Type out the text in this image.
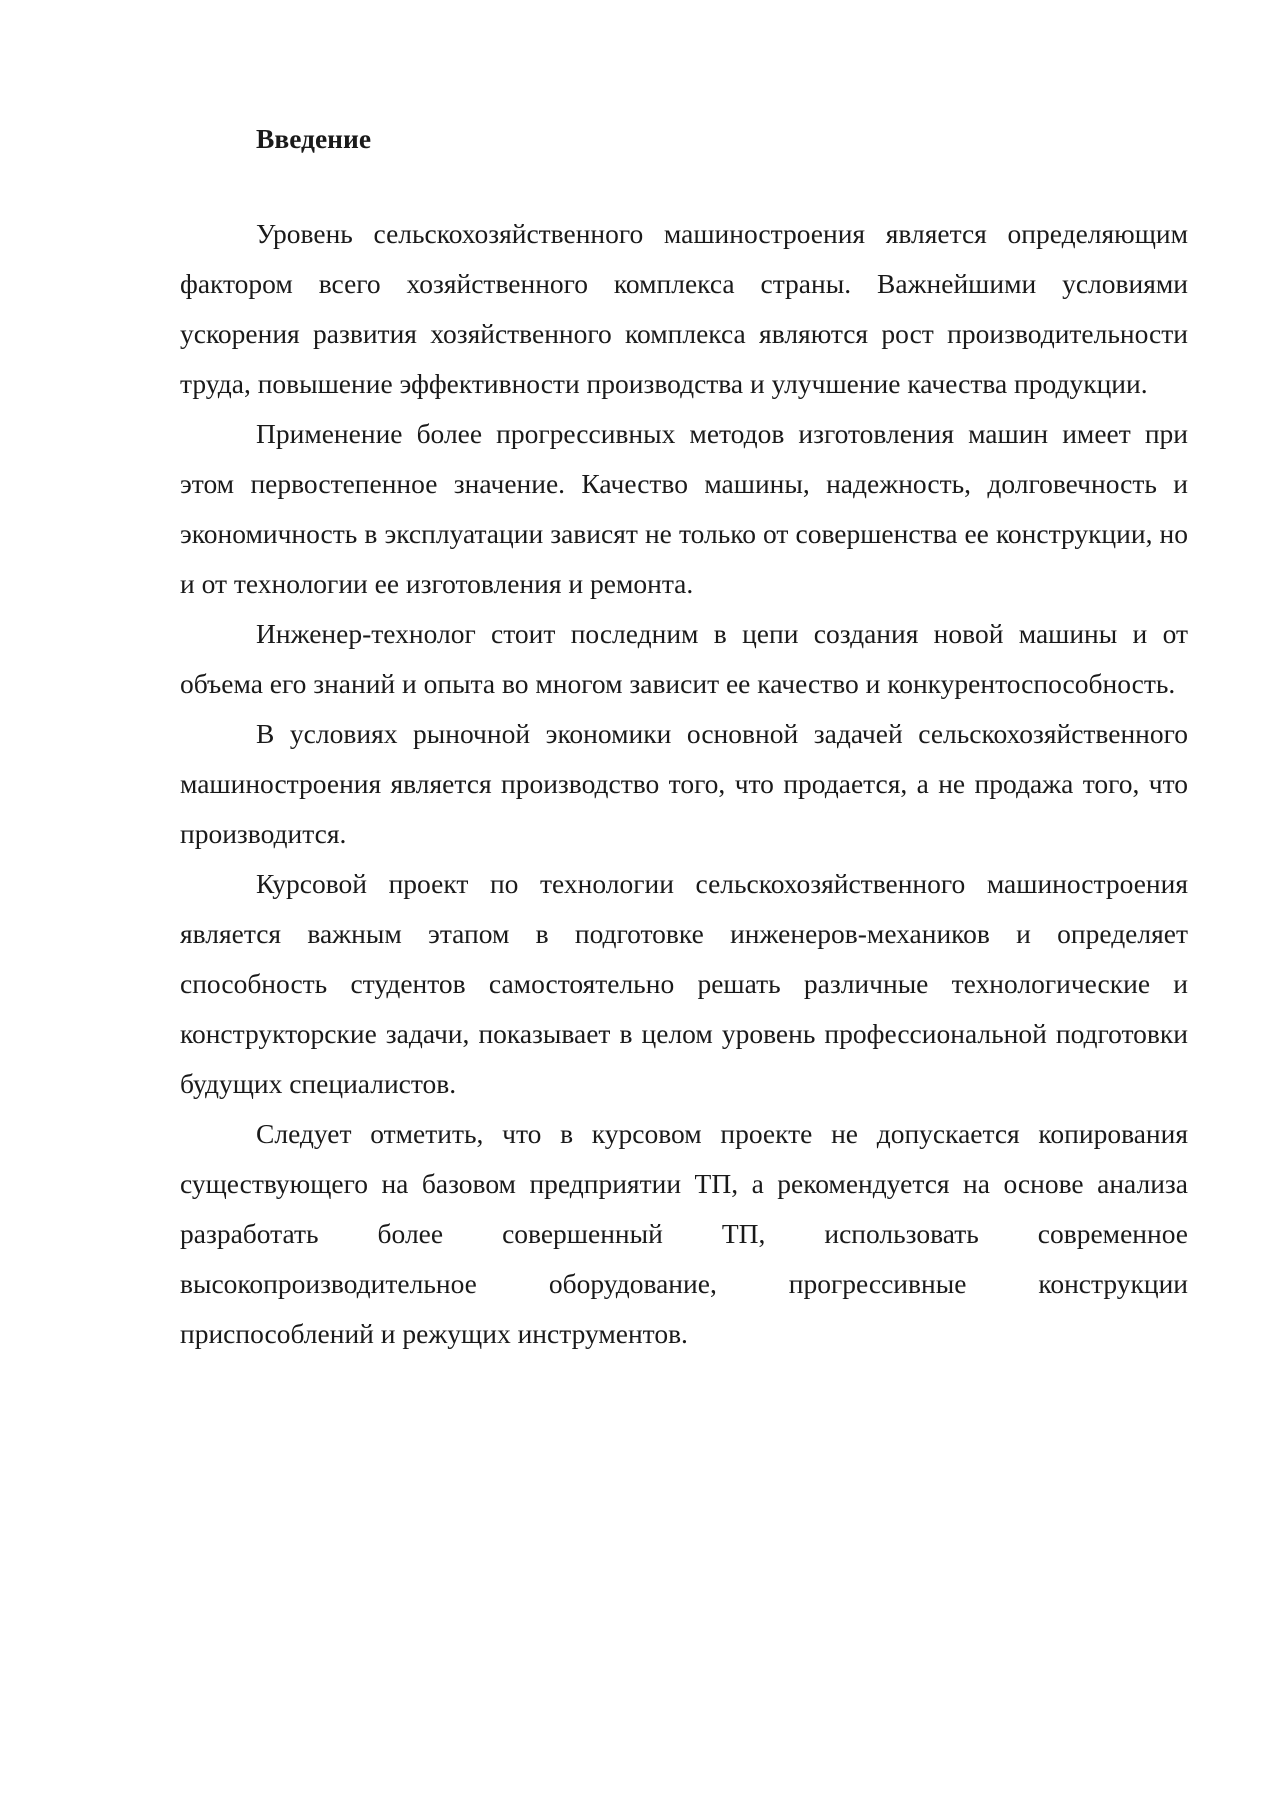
Введение

Уровень сельскохозяйственного машиностроения является определяющим фактором всего хозяйственного комплекса страны. Важнейшими условиями ускорения развития хозяйственного комплекса являются рост производительности труда, повышение эффективности производства и улучшение качества продукции.

Применение более прогрессивных методов изготовления машин имеет при этом первостепенное значение. Качество машины, надежность, долговечность и экономичность в эксплуатации зависят не только от совершенства ее конструкции, но и от технологии ее изготовления и ремонта.

Инженер-технолог стоит последним в цепи создания новой машины и от объема его знаний и опыта во многом зависит ее качество и конкурентоспособность.

В условиях рыночной экономики основной задачей сельскохозяйственного машиностроения является производство того, что продается, а не продажа того, что производится.

Курсовой проект по технологии сельскохозяйственного машиностроения является важным этапом в подготовке инженеров-механиков и определяет способность студентов самостоятельно решать различные технологические и конструкторские задачи, показывает в целом уровень профессиональной подготовки будущих специалистов.

Следует отметить, что в курсовом проекте не допускается копирования существующего на базовом предприятии ТП, а рекомендуется на основе анализа разработать более совершенный ТП, использовать современное высокопроизводительное оборудование, прогрессивные конструкции приспособлений и режущих инструментов.
